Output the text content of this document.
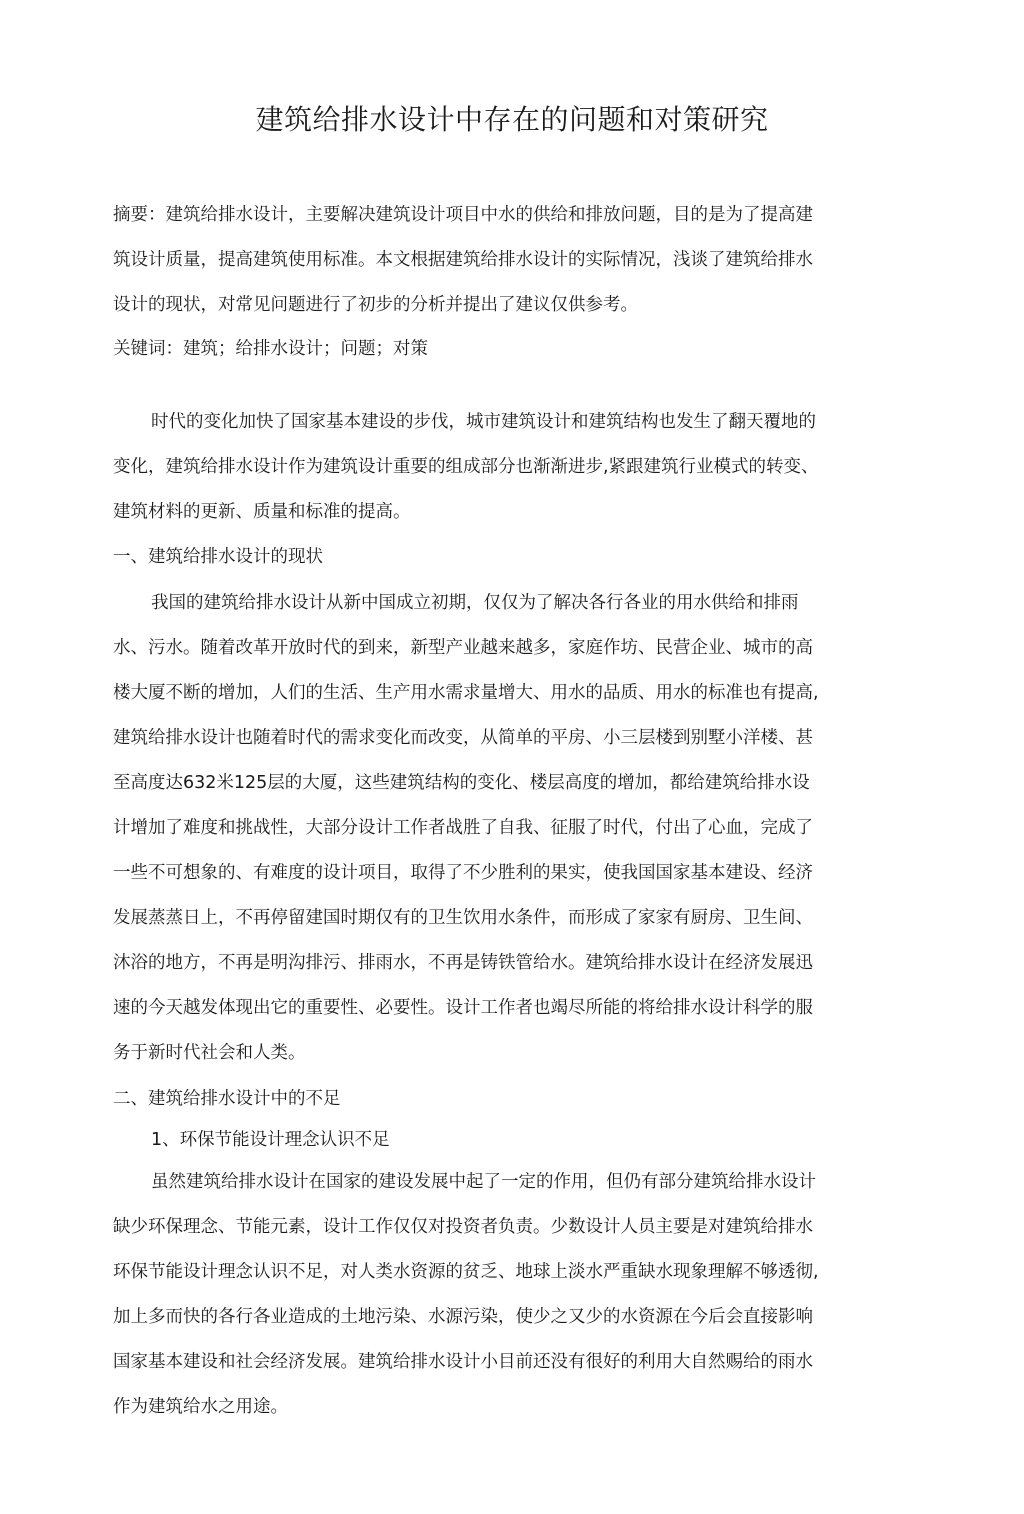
建筑给排水设计中存在的问题和对策研究
摘要：建筑给排水设计，主要解决建筑设计项目中水的供给和排放问题，目的是为了提高建
筑设计质量，提高建筑使用标准。本文根据建筑给排水设计的实际情况，浅谈了建筑给排水
设计的现状，对常见问题进行了初步的分析并提出了建议仅供参考。
关键词：建筑；给排水设计；问题；对策
时代的变化加快了国家基本建设的步伐，城市建筑设计和建筑结构也发生了翻天覆地的
变化，建筑给排水设计作为建筑设计重要的组成部分也渐渐进步,紧跟建筑行业模式的转变、
建筑材料的更新、质量和标准的提高。
一、建筑给排水设计的现状
我国的建筑给排水设计从新中国成立初期，仅仅为了解决各行各业的用水供给和排雨
水、污水。随着改革开放时代的到来，新型产业越来越多，家庭作坊、民营企业、城市的高
楼大厦不断的增加，人们的生活、生产用水需求量增大、用水的品质、用水的标准也有提高,
建筑给排水设计也随着时代的需求变化而改变，从简单的平房、小三层楼到别墅小洋楼、甚
至高度达632米125层的大厦，这些建筑结构的变化、楼层高度的增加，都给建筑给排水设
计增加了难度和挑战性，大部分设计工作者战胜了自我、征服了时代，付出了心血，完成了
一些不可想象的、有难度的设计项目，取得了不少胜利的果实，使我国国家基本建设、经济
发展蒸蒸日上，不再停留建国时期仅有的卫生饮用水条件，而形成了家家有厨房、卫生间、
沐浴的地方，不再是明沟排污、排雨水，不再是铸铁管给水。建筑给排水设计在经济发展迅
速的今天越发体现出它的重要性、必要性。设计工作者也竭尽所能的将给排水设计科学的服
务于新时代社会和人类。
二、建筑给排水设计中的不足
1、环保节能设计理念认识不足
虽然建筑给排水设计在国家的建设发展中起了一定的作用，但仍有部分建筑给排水设计
缺少环保理念、节能元素，设计工作仅仅对投资者负责。少数设计人员主要是对建筑给排水
环保节能设计理念认识不足，对人类水资源的贫乏、地球上淡水严重缺水现象理解不够透彻,
加上多而快的各行各业造成的土地污染、水源污染，使少之又少的水资源在今后会直接影响
国家基本建设和社会经济发展。建筑给排水设计小目前还没有很好的利用大自然赐给的雨水
作为建筑给水之用途。
